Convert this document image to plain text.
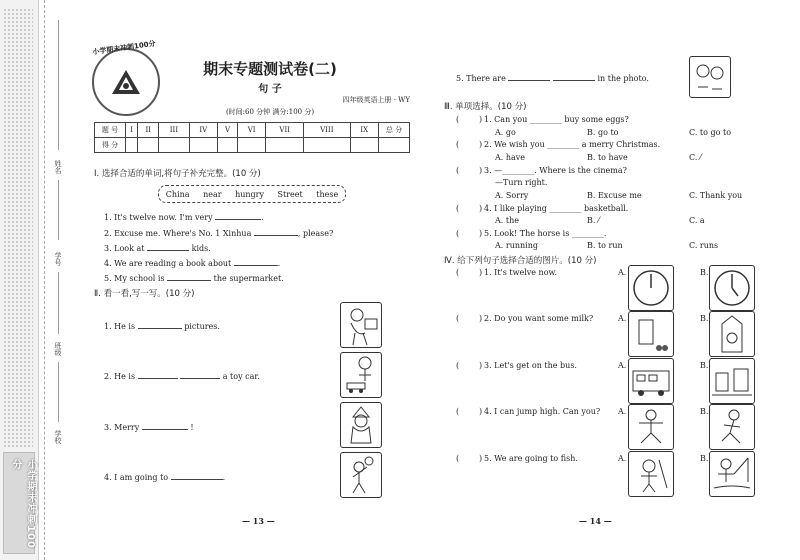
小学期末冲刺100分
姓名
学号
班级
学校
小学期末冲刺100分
期末专题测试卷(二)
句 子
四年级英语上册 · WY
(时间:60 分钟 满分:100 分)
题 号	I	II	III	IV	V	VI	VII	VIII	IX	总 分
得 分										
Ⅰ. 选择合适的单词,将句子补充完整。(10 分)
China near hungry Street these
1. It's twelve now. I'm very	.
2. Excuse me. Where's No. 1 Xinhua	, please?
3. Look at	kids.
4. We are reading a book about	.
5. My school is	the supermarket.
Ⅱ. 看一看,写一写。(10 分)
1. He is	pictures.
2. He is	a toy car.
3. Merry	!
4. I am going to	.
— 13 —
5. There are	in the photo.
Ⅲ. 单项选择。(10 分)
( ) 1. Can you ________ buy some eggs?
A. go	B. go to	C. to go to
( ) 2. We wish you ________ a merry Christmas.
A. have	B. to have	C. ⁄
( ) 3. —________. Where is the cinema?
—Turn right.
A. Sorry	B. Excuse me	C. Thank you
( ) 4. I like playing ________ basketball.
A. the	B. ⁄	C. a
( ) 5. Look! The horse is ________.
A. running	B. to run	C. runs
Ⅳ. 给下列句子选择合适的图片。(10 分)
( ) 1. It's twelve now.	A.	B.
( ) 2. Do you want some milk?	A.	B.
( ) 3. Let's get on the bus.	A.	B.
( ) 4. I can jump high. Can you? A.	B.
( ) 5. We are going to fish.	A.	B.
— 14 —
